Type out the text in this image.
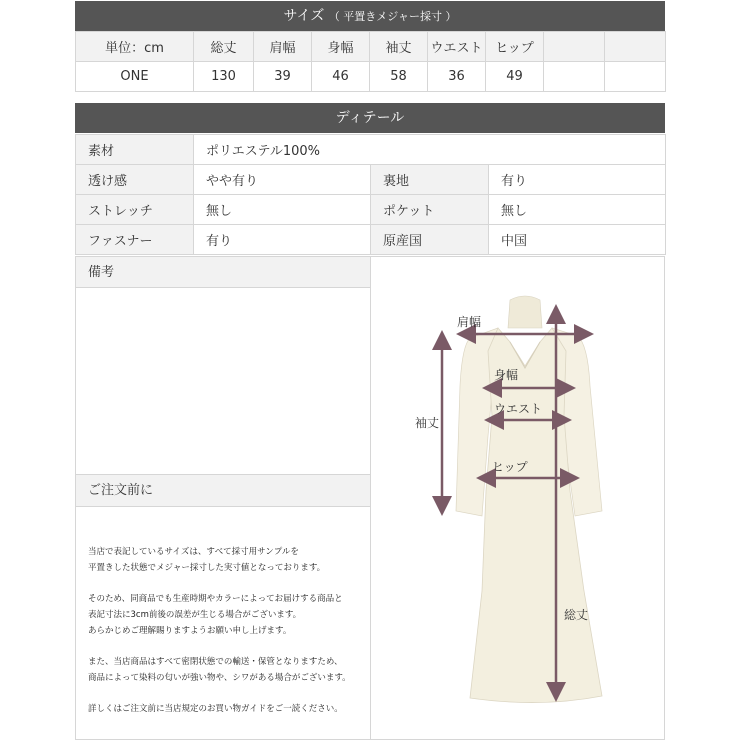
サイズ （ 平置きメジャー採寸 ）
単位：cm	総丈	肩幅	身幅	袖丈	ウエスト	ヒップ		
ONE	130	39	46	58	36	49		
ディテール
素材	ポリエステル100%		
透け感	やや有り	裏地	有り
ストレッチ	無し	ポケット	無し
ファスナー	有り	原産国	中国
備考
ご注文前に

当店で表記しているサイズは、すべて採寸用サンプルを
平置きした状態でメジャー採寸した実寸値となっております。

そのため、同商品でも生産時期やカラーによってお届けする商品と
表記寸法に3cm前後の誤差が生じる場合がございます。
あらかじめご理解賜りますようお願い申し上げます。

また、当店商品はすべて密閉状態での輸送・保管となりますため、
商品によって染料の匂いが強い物や、シワがある場合がございます。

詳しくはご注文前に当店規定のお買い物ガイドをご一読ください。

肩幅
身幅
ウエスト
袖丈
ヒップ
総丈
